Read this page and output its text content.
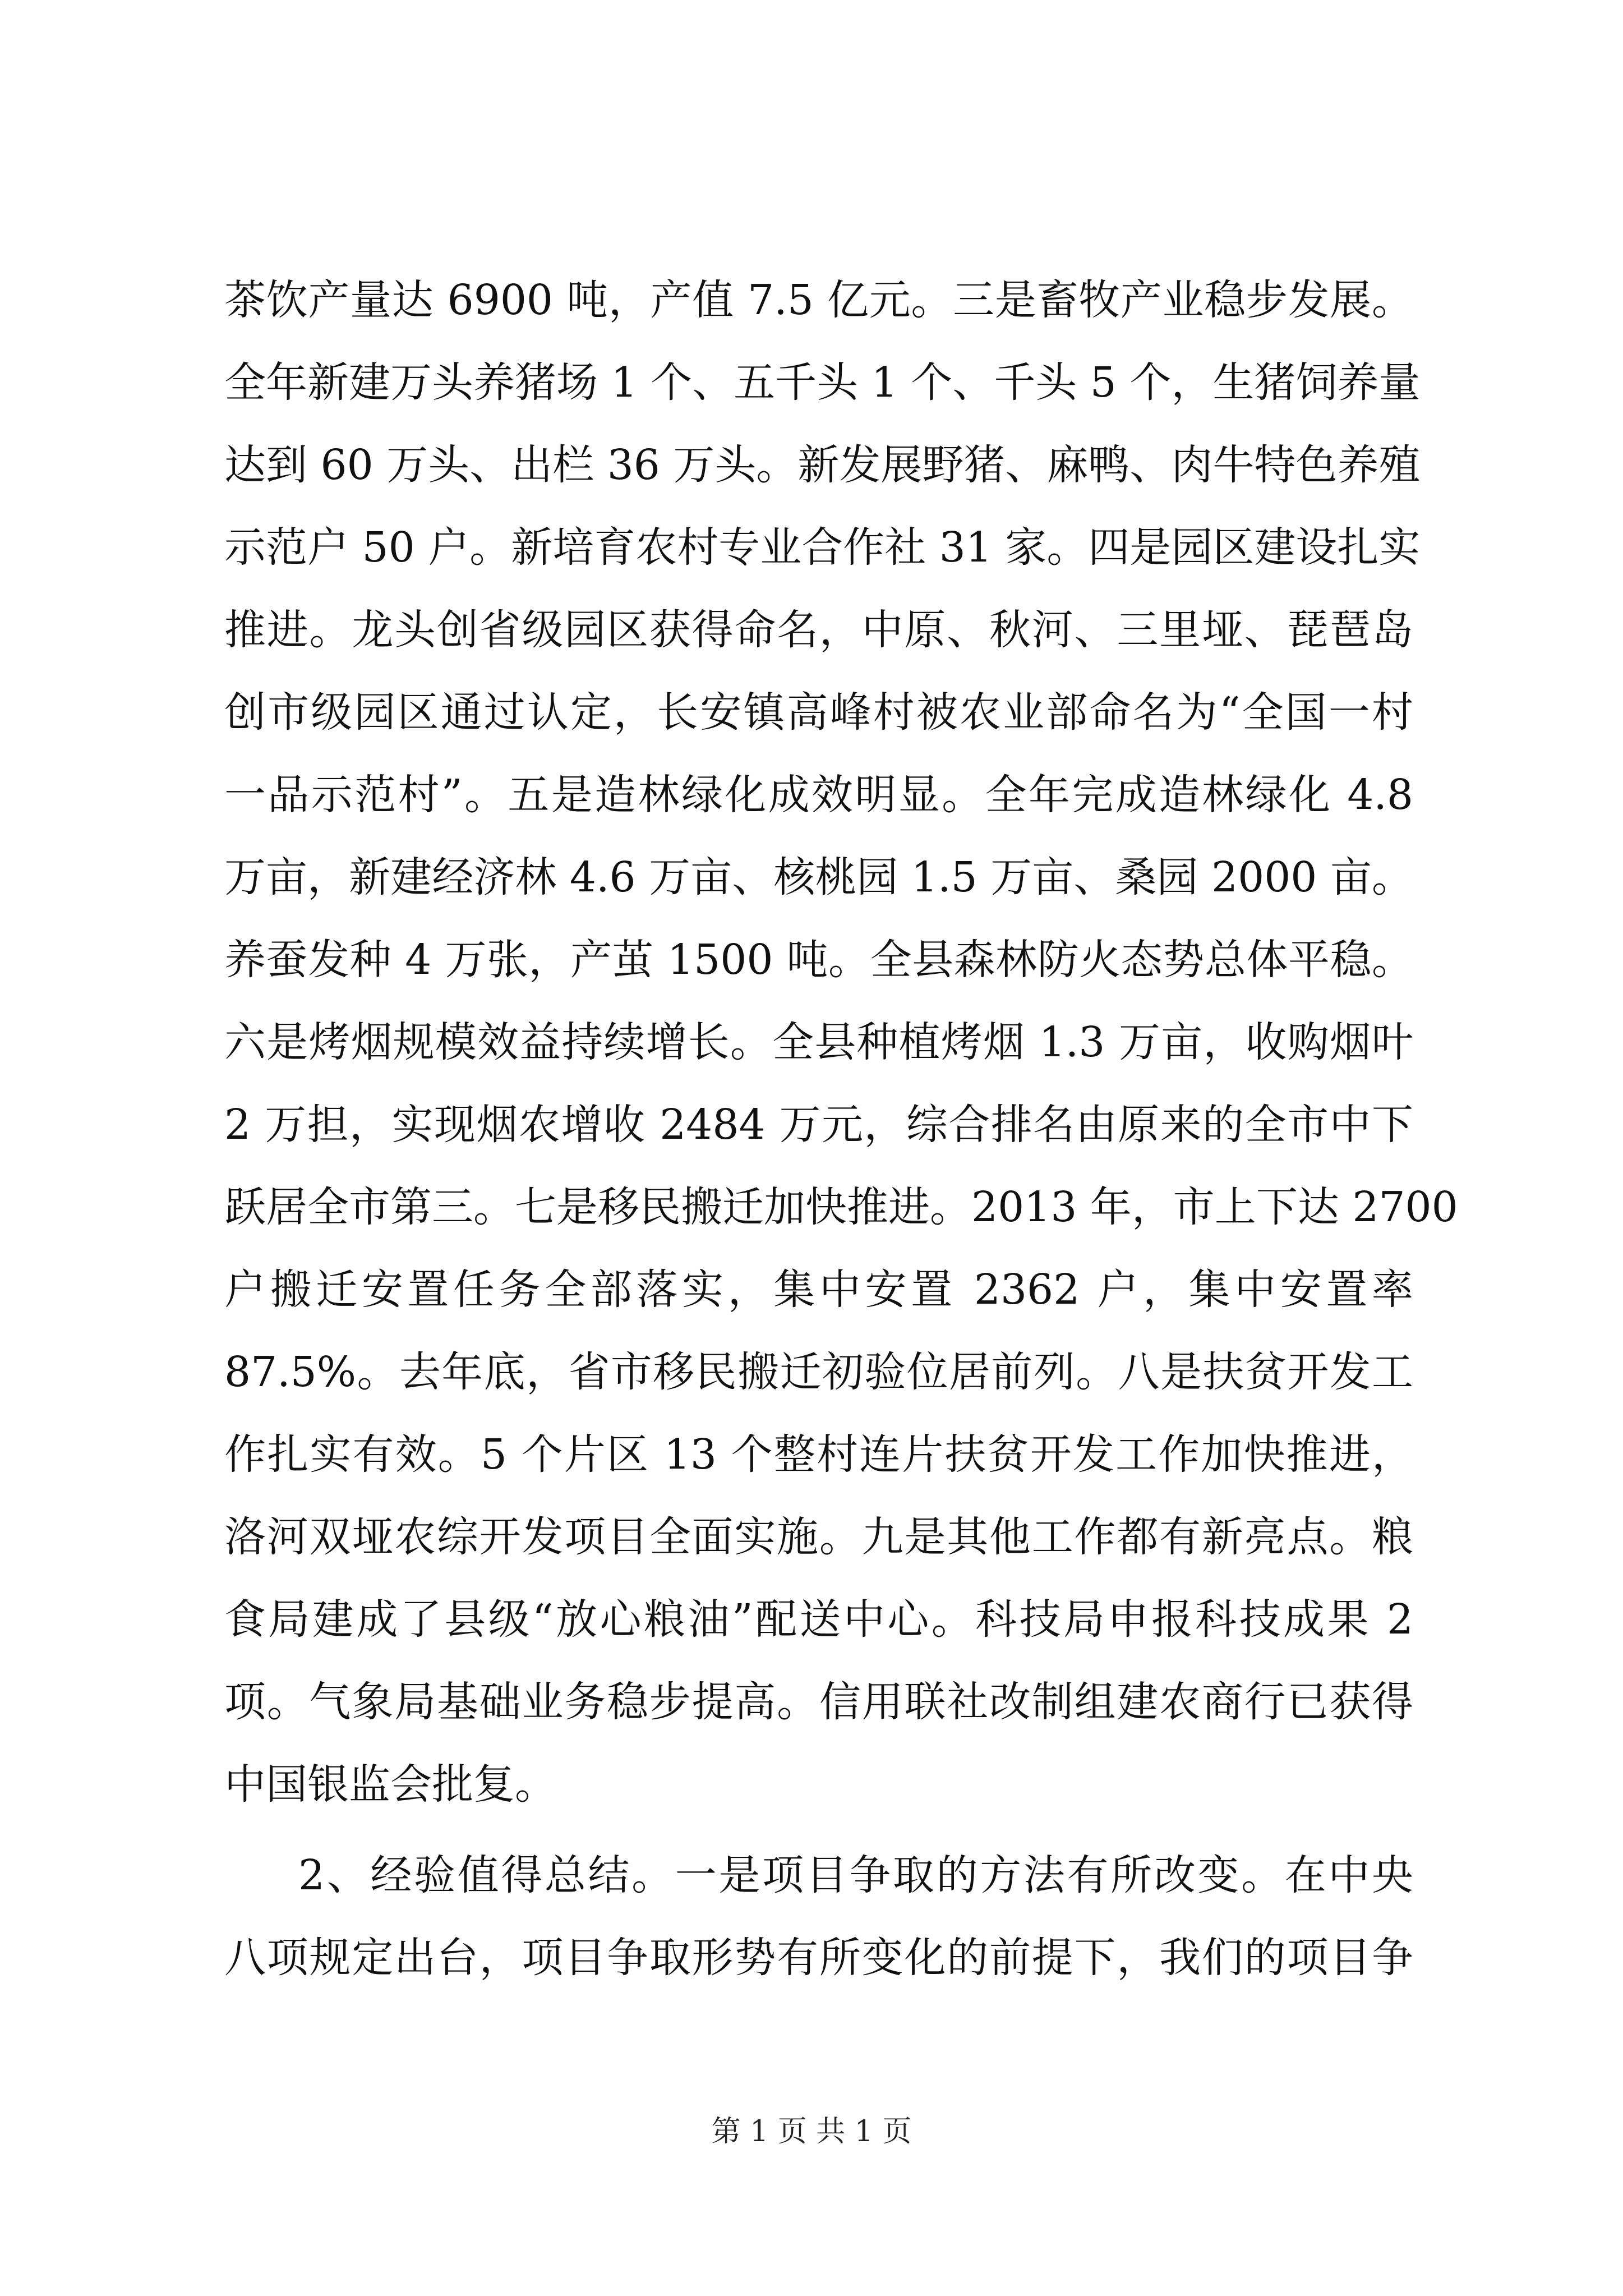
茶饮产量达 6900 吨，产值 7.5 亿元。三是畜牧产业稳步发展。
全年新建万头养猪场 1 个、五千头 1 个、千头 5 个，生猪饲养量
达到 60 万头、出栏 36 万头。新发展野猪、麻鸭、肉牛特色养殖
示范户 50 户。新培育农村专业合作社 31 家。四是园区建设扎实
推进。龙头创省级园区获得命名，中原、秋河、三里垭、琵琶岛
创市级园区通过认定，长安镇高峰村被农业部命名为“全国一村
一品示范村”。五是造林绿化成效明显。全年完成造林绿化 4.8
万亩，新建经济林 4.6 万亩、核桃园 1.5 万亩、桑园 2000 亩。
养蚕发种 4 万张，产茧 1500 吨。全县森林防火态势总体平稳。
六是烤烟规模效益持续增长。全县种植烤烟 1.3 万亩，收购烟叶
2 万担，实现烟农增收 2484 万元，综合排名由原来的全市中下
跃居全市第三。七是移民搬迁加快推进。2013 年，市上下达 2700
户搬迁安置任务全部落实，集中安置 2362 户，集中安置率
87.5%。去年底，省市移民搬迁初验位居前列。八是扶贫开发工
作扎实有效。5 个片区 13 个整村连片扶贫开发工作加快推进，
洛河双垭农综开发项目全面实施。九是其他工作都有新亮点。粮
食局建成了县级“放心粮油”配送中心。科技局申报科技成果 2
项。气象局基础业务稳步提高。信用联社改制组建农商行已获得
中国银监会批复。
2、经验值得总结。一是项目争取的方法有所改变。在中央
八项规定出台，项目争取形势有所变化的前提下，我们的项目争
第 1 页 共 1 页
